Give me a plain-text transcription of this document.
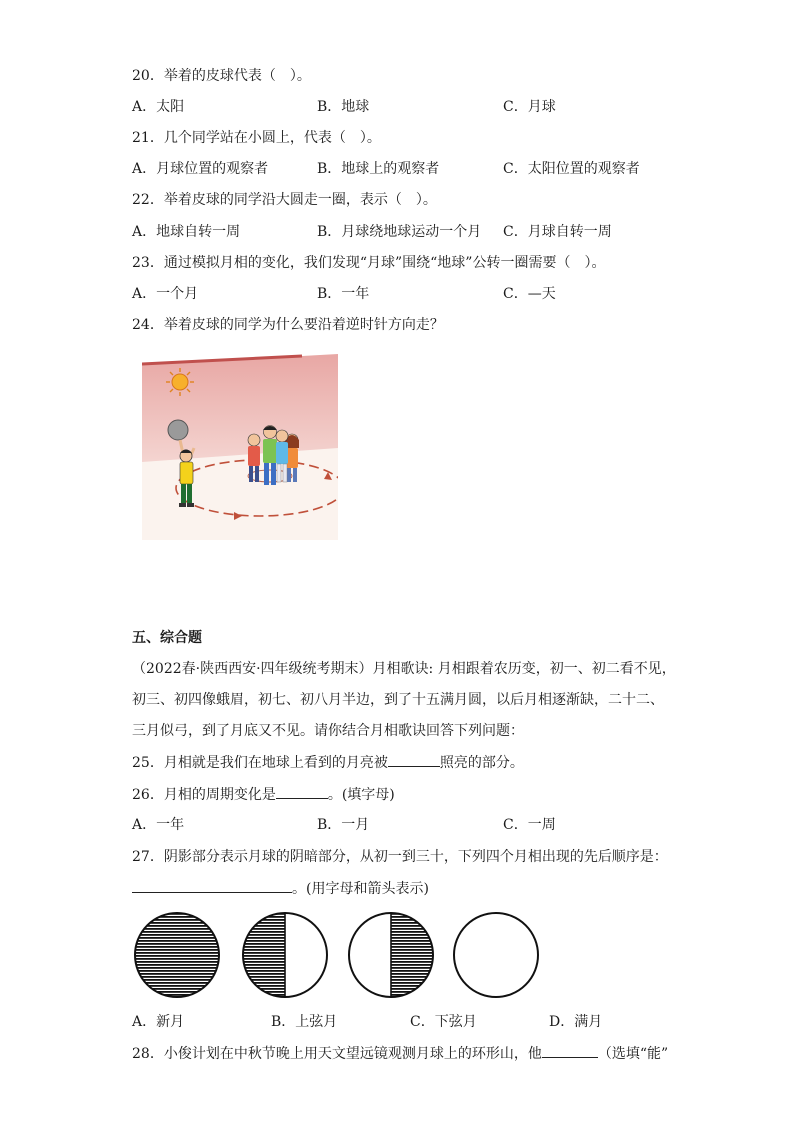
20．举着的皮球代表（　）。
A．太阳	B．地球	C．月球
21．几个同学站在小圆上，代表（　）。
A．月球位置的观察者	B．地球上的观察者	C．太阳位置的观察者
22．举着皮球的同学沿大圆走一圈，表示（　）。
A．地球自转一周	B．月球绕地球运动一个月 C．月球自转一周
23．通过模拟月相的变化，我们发现“月球”围绕“地球”公转一圈需要（　）。
A．一个月	B．一年	C．—天
24．举着皮球的同学为什么要沿着逆时针方向走？
五、综合题
（2022春·陕西西安·四年级统考期末）月相歌诀: 月相跟着农历变，初一、初二看不见，
初三、初四像蛾眉，初七、初八月半边，到了十五满月圆，以后月相逐渐缺，二十二、
三月似弓，到了月底又不见。请你结合月相歌诀回答下列问题：
25．月相就是我们在地球上看到的月亮被	照亮的部分。
26．月相的周期变化是	。(填字母)
A．一年	B．一月	C．一周
27．阴影部分表示月球的阴暗部分，从初一到三十，下列四个月相出现的先后顺序是：
。(用字母和箭头表示)
A．新月	B．上弦月	C．下弦月	D．满月
28．小俊计划在中秋节晚上用天文望远镜观测月球上的环形山，他	（选填“能”
